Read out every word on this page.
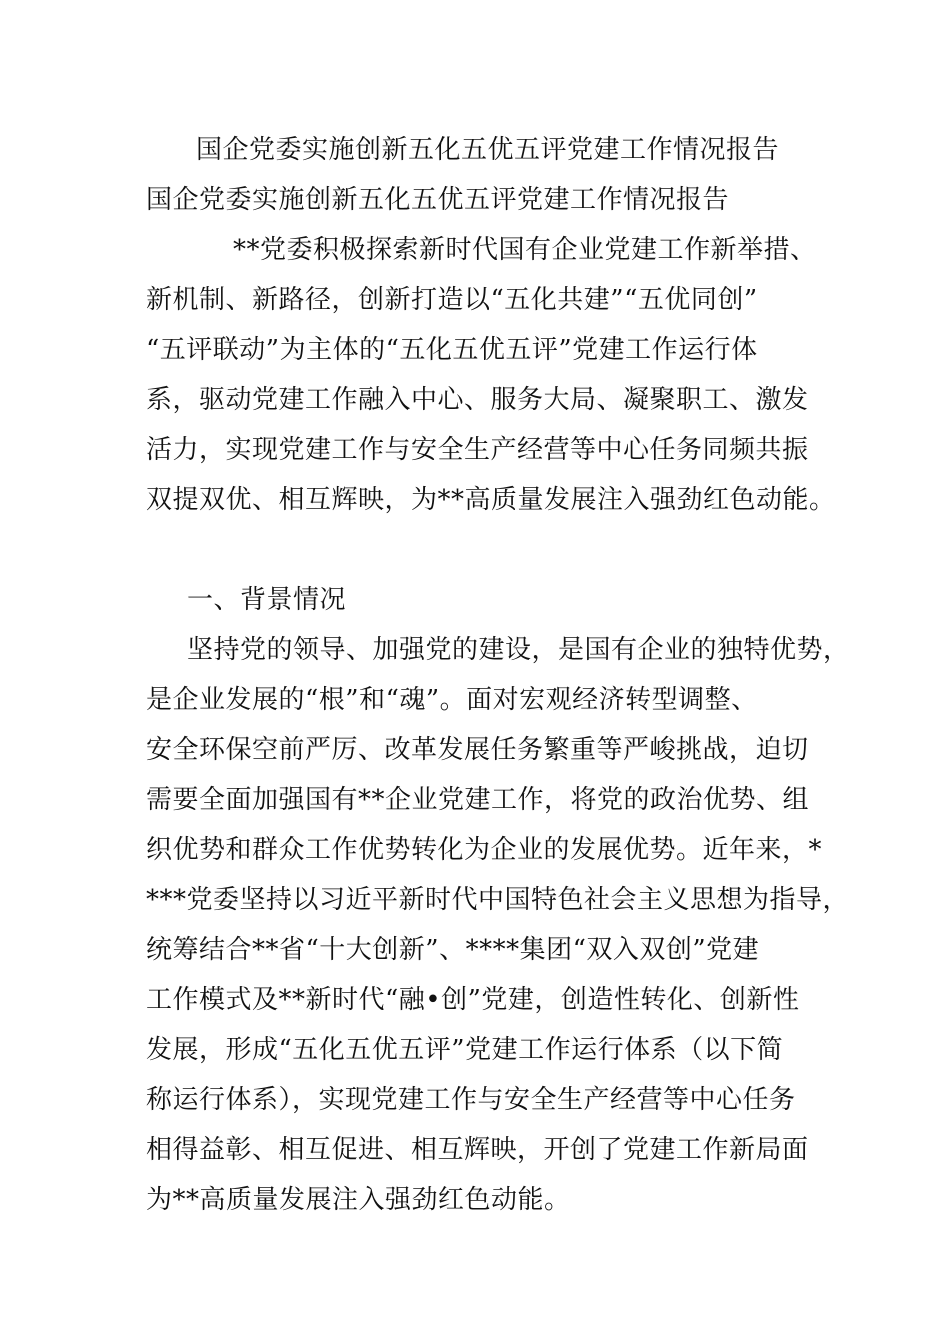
国企党委实施创新五化五优五评党建工作情况报告

国企党委实施创新五化五优五评党建工作情况报告

**党委积极探索新时代国有企业党建工作新举措、

新机制、新路径，创新打造以“五化共建”“五优同创”

“五评联动”为主体的“五化五优五评”党建工作运行体

系，驱动党建工作融入中心、服务大局、凝聚职工、激发

活力，实现党建工作与安全生产经营等中心任务同频共振

双提双优、相互辉映，为**高质量发展注入强劲红色动能。

一、背景情况

坚持党的领导、加强党的建设，是国有企业的独特优势，

是企业发展的“根”和“魂”。面对宏观经济转型调整、

安全环保空前严厉、改革发展任务繁重等严峻挑战，迫切

需要全面加强国有**企业党建工作，将党的政治优势、组

织优势和群众工作优势转化为企业的发展优势。近年来，*

***党委坚持以习近平新时代中国特色社会主义思想为指导，

统筹结合**省“十大创新”、****集团“双入双创”党建

工作模式及**新时代“融•创”党建，创造性转化、创新性

发展，形成“五化五优五评”党建工作运行体系（以下简

称运行体系），实现党建工作与安全生产经营等中心任务

相得益彰、相互促进、相互辉映，开创了党建工作新局面

为**高质量发展注入强劲红色动能。
